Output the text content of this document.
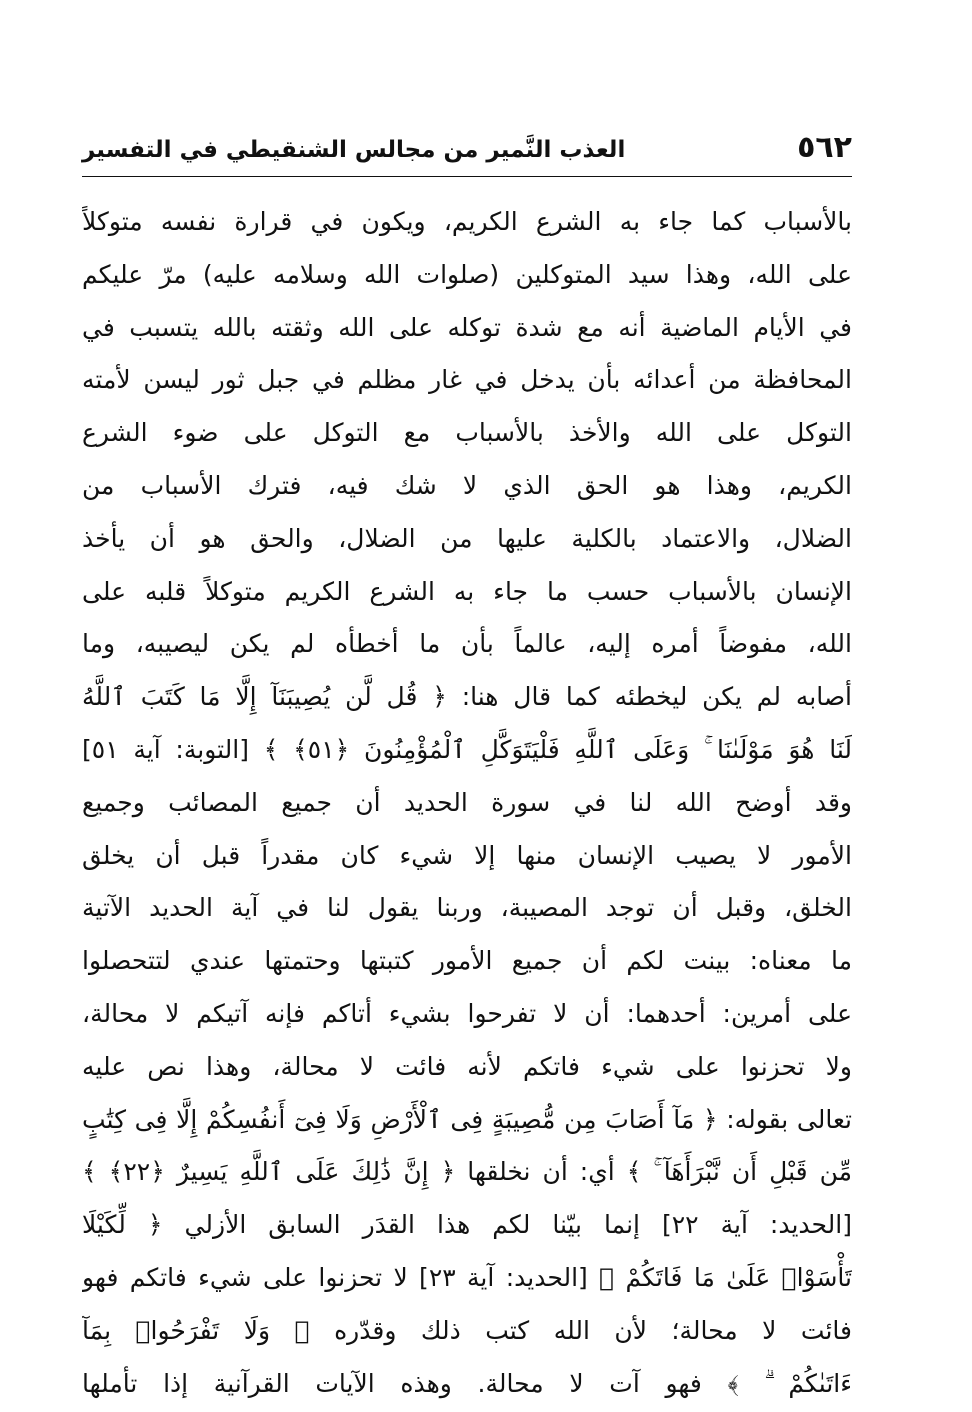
٥٦٢
العذب النَّمير من مجالس الشنقيطي في التفسير
بالأسباب كما جاء به الشرع الكريم، ويكون في قرارة نفسه متوكلاً
على الله، وهذا سيد المتوكلين (صلوات الله وسلامه عليه) مرّ عليكم
في الأيام الماضية أنه مع شدة توكله على الله وثقته بالله يتسبب في
المحافظة من أعدائه بأن يدخل في غار مظلم في جبل ثور ليسن لأمته
التوكل على الله والأخذ بالأسباب مع التوكل على ضوء الشرع
الكريم، وهذا هو الحق الذي لا شك فيه، فترك الأسباب من
الضلال، والاعتماد بالكلية عليها من الضلال، والحق هو أن يأخذ
الإنسان بالأسباب حسب ما جاء به الشرع الكريم متوكلاً قلبه على
الله، مفوضاً أمره إليه، عالماً بأن ما أخطأه لم يكن ليصيبه، وما
أصابه لم يكن ليخطئه كما قال هنا: ﴿ قُل لَّن يُصِيبَنَآ إِلَّا مَا كَتَبَ ٱللَّهُ
لَنَا هُوَ مَوْلَىٰنَا ۚ وَعَلَى ٱللَّهِ فَلْيَتَوَكَّلِ ٱلْمُؤْمِنُونَ ﴿٥١﴾ ﴾ [التوبة: آية ٥١]
وقد أوضح الله لنا في سورة الحديد أن جميع المصائب وجميع
الأمور لا يصيب الإنسان منها إلا شيء كان مقدراً قبل أن يخلق
الخلق، وقبل أن توجد المصيبة، وربنا يقول لنا في آية الحديد الآتية
ما معناه: بينت لكم أن جميع الأمور كتبتها وحتمتها عندي لتتحصلوا
على أمرين: أحدهما: أن لا تفرحوا بشيء أتاكم فإنه آتيكم لا محالة،
ولا تحزنوا على شيء فاتكم لأنه فائت لا محالة، وهذا نص عليه
تعالى بقوله: ﴿ مَآ أَصَابَ مِن مُّصِيبَةٍ فِى ٱلْأَرْضِ وَلَا فِىٓ أَنفُسِكُمْ إِلَّا فِى كِتَٰبٍ
مِّن قَبْلِ أَن نَّبْرَأَهَآ ۚ ﴾ أي: أن نخلقها ﴿ إِنَّ ذَٰلِكَ عَلَى ٱللَّهِ يَسِيرٌ ﴿٢٢﴾ ﴾
[الحديد: آية ٢٢] إنما بيّنا لكم هذا القدَر السابق الأزلي ﴿ لِّكَيْلَا
تَأْسَوْا۟ عَلَىٰ مَا فَاتَكُمْ ﴾ [الحديد: آية ٢٣] لا تحزنوا على شيء فاتكم فهو
فائت لا محالة؛ لأن الله كتب ذلك وقدّره ﴿ وَلَا تَفْرَحُوا۟ بِمَآ
ءَاتَىٰكُمْ ۗ ﴾ فهو آت لا محالة. وهذه الآيات القرآنية إذا تأملها
